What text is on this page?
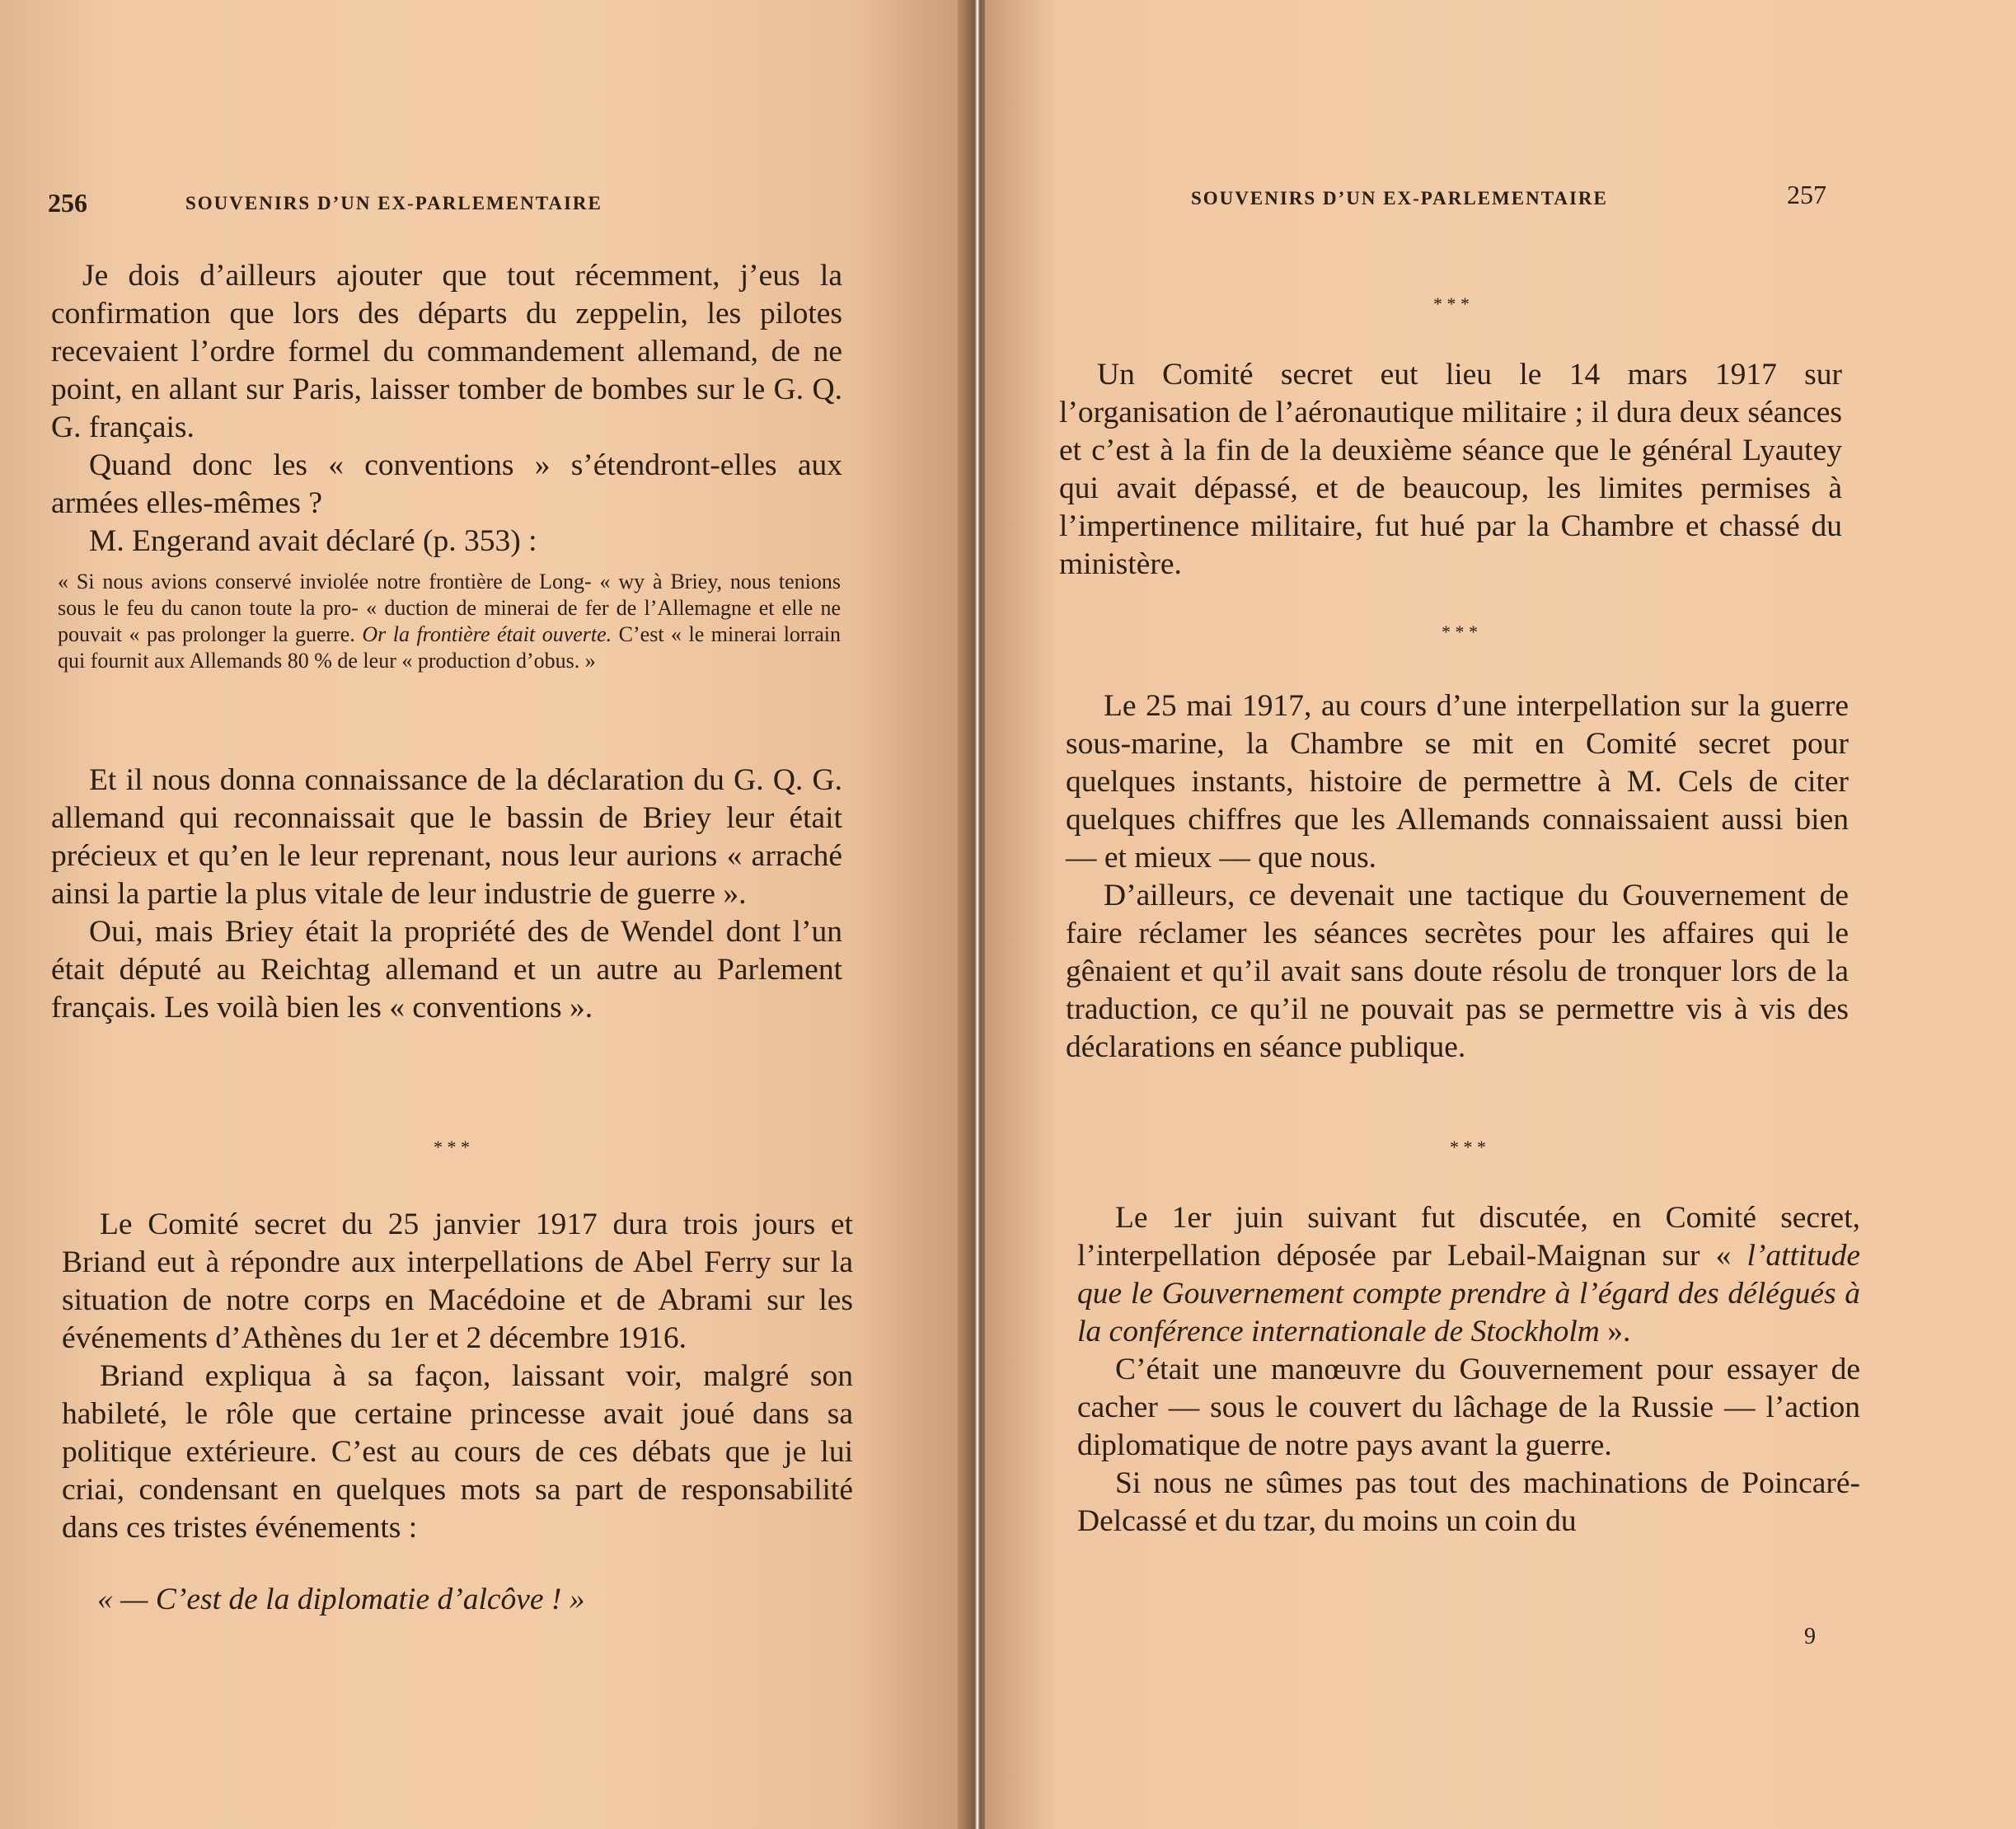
256	SOUVENIRS D’UN EX-PARLEMENTAIRE

Je dois d’ailleurs ajouter que tout récemment, j’eus la confirmation que lors des départs du zeppelin, les pilotes recevaient l’ordre formel du commandement allemand, de ne point, en allant sur Paris, laisser tomber de bombes sur le G. Q. G. français.

Quand donc les « conventions » s’étendront-elles aux armées elles-mêmes ?

M. Engerand avait déclaré (p. 353) :

« Si nous avions conservé inviolée notre frontière de Long- « wy à Briey, nous tenions sous le feu du canon toute la pro- « duction de minerai de fer de l’Allemagne et elle ne pouvait « pas prolonger la guerre. Or la frontière était ouverte. C’est « le minerai lorrain qui fournit aux Allemands 80 % de leur « production d’obus. »

Et il nous donna connaissance de la déclaration du G. Q. G. allemand qui reconnaissait que le bassin de Briey leur était précieux et qu’en le leur reprenant, nous leur aurions « arraché ainsi la partie la plus vitale de leur industrie de guerre ».

Oui, mais Briey était la propriété des de Wendel dont l’un était député au Reichtag allemand et un autre au Parlement français. Les voilà bien les « conventions ».

* * *

Le Comité secret du 25 janvier 1917 dura trois jours et Briand eut à répondre aux interpellations de Abel Ferry sur la situation de notre corps en Macédoine et de Abrami sur les événements d’Athènes du 1er et 2 décembre 1916.

Briand expliqua à sa façon, laissant voir, malgré son habileté, le rôle que certaine princesse avait joué dans sa politique extérieure. C’est au cours de ces débats que je lui criai, condensant en quelques mots sa part de responsabilité dans ces tristes événements :

« — C’est de la diplomatie d’alcôve ! »
SOUVENIRS D’UN EX-PARLEMENTAIRE	257
* * *

Un Comité secret eut lieu le 14 mars 1917 sur l’organisation de l’aéronautique militaire ; il dura deux séances et c’est à la fin de la deuxième séance que le général Lyautey qui avait dépassé, et de beaucoup, les limites permises à l’impertinence militaire, fut hué par la Chambre et chassé du ministère.

* * *

Le 25 mai 1917, au cours d’une interpellation sur la guerre sous-marine, la Chambre se mit en Comité secret pour quelques instants, histoire de permettre à M. Cels de citer quelques chiffres que les Allemands connaissaient aussi bien — et mieux — que nous.

D’ailleurs, ce devenait une tactique du Gouvernement de faire réclamer les séances secrètes pour les affaires qui le gênaient et qu’il avait sans doute résolu de tronquer lors de la traduction, ce qu’il ne pouvait pas se permettre vis à vis des déclarations en séance publique.

* * *

Le 1er juin suivant fut discutée, en Comité secret, l’interpellation déposée par Lebail-Maignan sur « l’attitude que le Gouvernement compte prendre à l’égard des délégués à la conférence internationale de Stockholm ».

C’était une manœuvre du Gouvernement pour essayer de cacher — sous le couvert du lâchage de la Russie — l’action diplomatique de notre pays avant la guerre.

Si nous ne sûmes pas tout des machinations de Poincaré-Delcassé et du tzar, du moins un coin du

9
